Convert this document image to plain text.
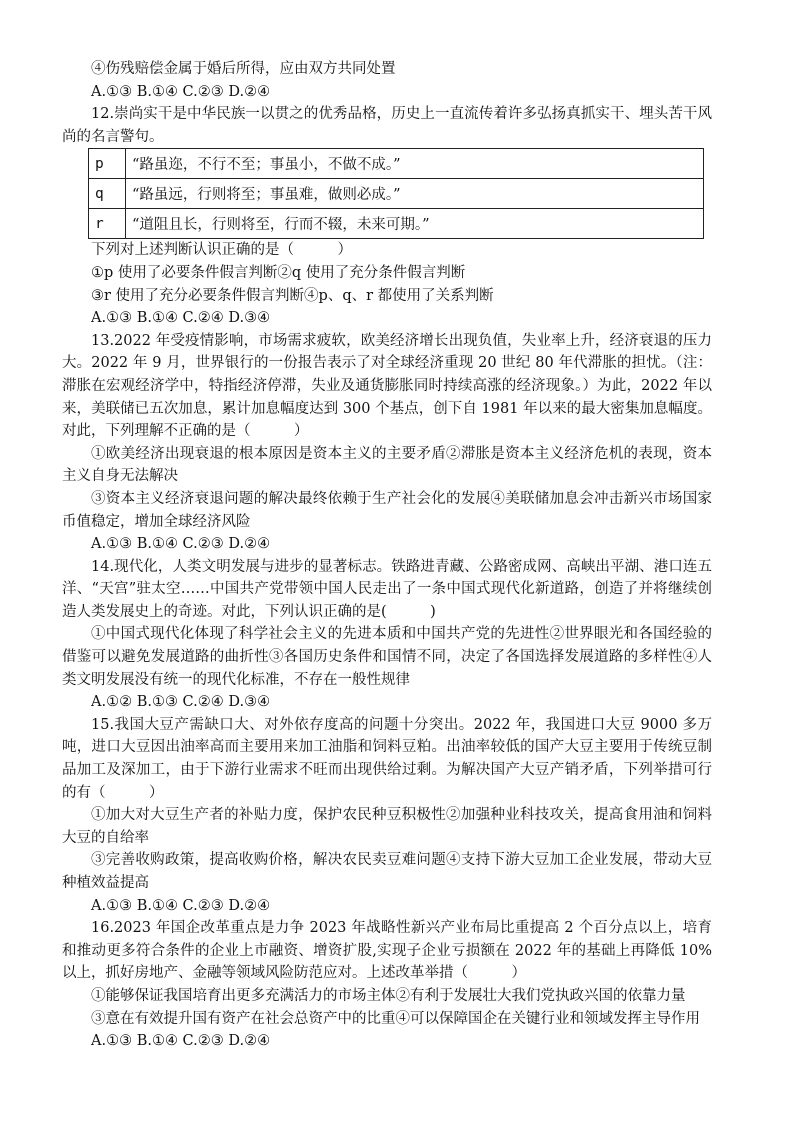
④伤残赔偿金属于婚后所得，应由双方共同处置
A.①③ B.①④ C.②③ D.②④
12.崇尚实干是中华民族一以贯之的优秀品格，历史上一直流传着许多弘扬真抓实干、埋头苦干风尚的名言警句。
p	“路虽迩，不行不至；事虽小，不做不成。”
q	“路虽远，行则将至；事虽难，做则必成。”
r	“道阻且长，行则将至，行而不辍，未来可期。”
下列对上述判断认识正确的是（　　　）
①p 使用了必要条件假言判断②q 使用了充分条件假言判断
③r 使用了充分必要条件假言判断④p、q、r 都使用了关系判断
A.①③ B.①④ C.②④ D.③④
13.2022 年受疫情影响，市场需求疲软，欧美经济增长出现负值，失业率上升，经济衰退的压力大。2022 年 9 月，世界银行的一份报告表示了对全球经济重现 20 世纪 80 年代滞胀的担忧。（注：滞胀在宏观经济学中，特指经济停滞，失业及通货膨胀同时持续高涨的经济现象。）为此，2022 年以来，美联储已五次加息，累计加息幅度达到 300 个基点，创下自 1981 年以来的最大密集加息幅度。对此，下列理解不正确的是（　　　）
①欧美经济出现衰退的根本原因是资本主义的主要矛盾②滞胀是资本主义经济危机的表现，资本主义自身无法解决
③资本主义经济衰退问题的解决最终依赖于生产社会化的发展④美联储加息会冲击新兴市场国家币值稳定，增加全球经济风险
A.①③ B.①④ C.②③ D.②④
14.现代化，人类文明发展与进步的显著标志。铁路进青藏、公路密成网、高峡出平湖、港口连五洋、“天宫”驻太空……中国共产党带领中国人民走出了一条中国式现代化新道路，创造了并将继续创造人类发展史上的奇迹。对此，下列认识正确的是(　　　)
①中国式现代化体现了科学社会主义的先进本质和中国共产党的先进性②世界眼光和各国经验的借鉴可以避免发展道路的曲折性③各国历史条件和国情不同，决定了各国选择发展道路的多样性④人类文明发展没有统一的现代化标准，不存在一般性规律
A.①② B.①③ C.②④ D.③④
15.我国大豆产需缺口大、对外依存度高的问题十分突出。2022 年，我国进口大豆 9000 多万吨，进口大豆因出油率高而主要用来加工油脂和饲料豆粕。出油率较低的国产大豆主要用于传统豆制品加工及深加工，由于下游行业需求不旺而出现供给过剩。为解决国产大豆产销矛盾，下列举措可行的有（　　　）
①加大对大豆生产者的补贴力度，保护农民种豆积极性②加强种业科技攻关，提高食用油和饲料大豆的自给率
③完善收购政策，提高收购价格，解决农民卖豆难问题④支持下游大豆加工企业发展，带动大豆种植效益提高
A.①③ B.①④ C.②③ D.②④
16.2023 年国企改革重点是力争 2023 年战略性新兴产业布局比重提高 2 个百分点以上，培育和推动更多符合条件的企业上市融资、增资扩股,实现子企业亏损额在 2022 年的基础上再降低 10%以上，抓好房地产、金融等领域风险防范应对。上述改革举措（　　　）
①能够保证我国培育出更多充满活力的市场主体②有利于发展壮大我们党执政兴国的依靠力量
③意在有效提升国有资产在社会总资产中的比重④可以保障国企在关键行业和领域发挥主导作用
A.①③ B.①④ C.②③ D.②④
